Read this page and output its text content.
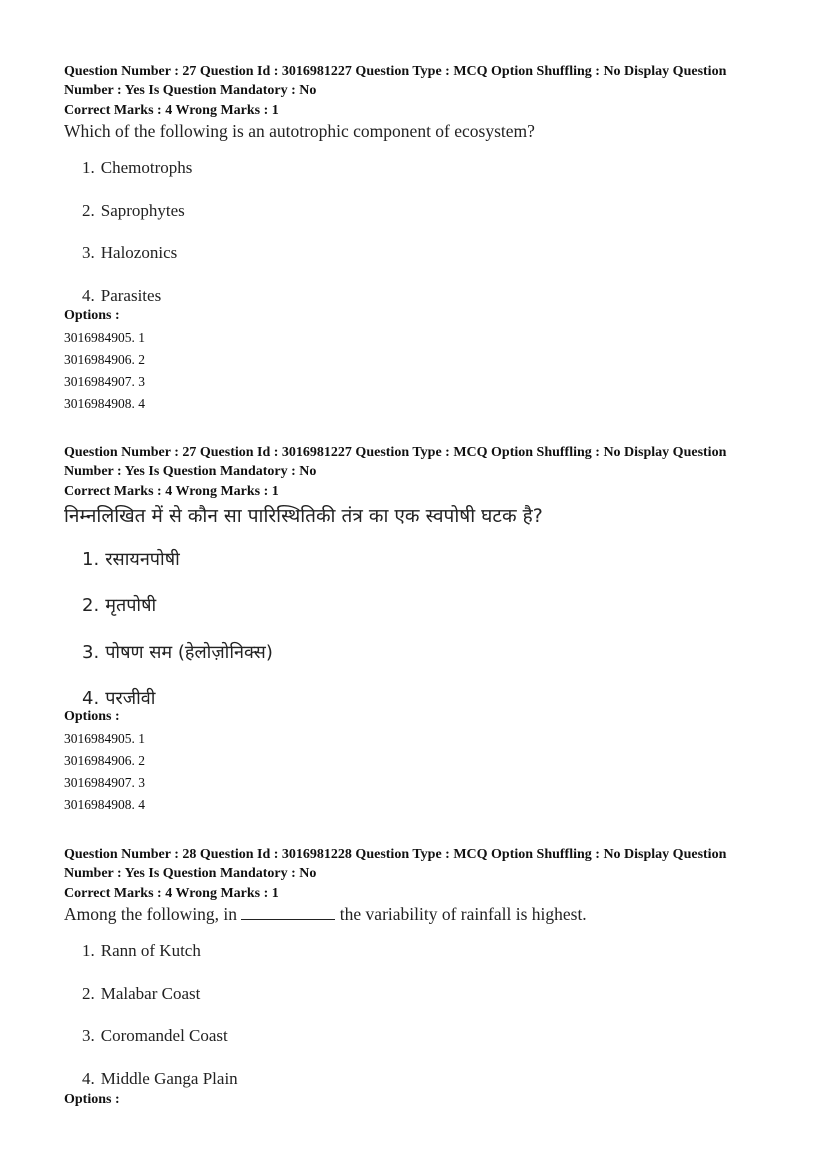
Question Number : 27 Question Id : 3016981227 Question Type : MCQ Option Shuffling : No Display Question
Number : Yes Is Question Mandatory : No
Correct Marks : 4 Wrong Marks : 1
Which of the following is an autotrophic component of ecosystem?
1. Chemotrophs
2. Saprophytes
3. Halozonics
4. Parasites
Options :
3016984905. 1
3016984906. 2
3016984907. 3
3016984908. 4
Question Number : 27 Question Id : 3016981227 Question Type : MCQ Option Shuffling : No Display Question
Number : Yes Is Question Mandatory : No
Correct Marks : 4 Wrong Marks : 1
निम्नलिखित में से कौन सा पारिस्थितिकी तंत्र का एक स्वपोषी घटक है?
1. रसायनपोषी
2. मृतपोषी
3. पोषण सम (हेलोज़ोनिक्स)
4. परजीवी
Options :
3016984905. 1
3016984906. 2
3016984907. 3
3016984908. 4
Question Number : 28 Question Id : 3016981228 Question Type : MCQ Option Shuffling : No Display Question
Number : Yes Is Question Mandatory : No
Correct Marks : 4 Wrong Marks : 1
Among the following, in	the variability of rainfall is highest.
1. Rann of Kutch
2. Malabar Coast
3. Coromandel Coast
4. Middle Ganga Plain
Options :
